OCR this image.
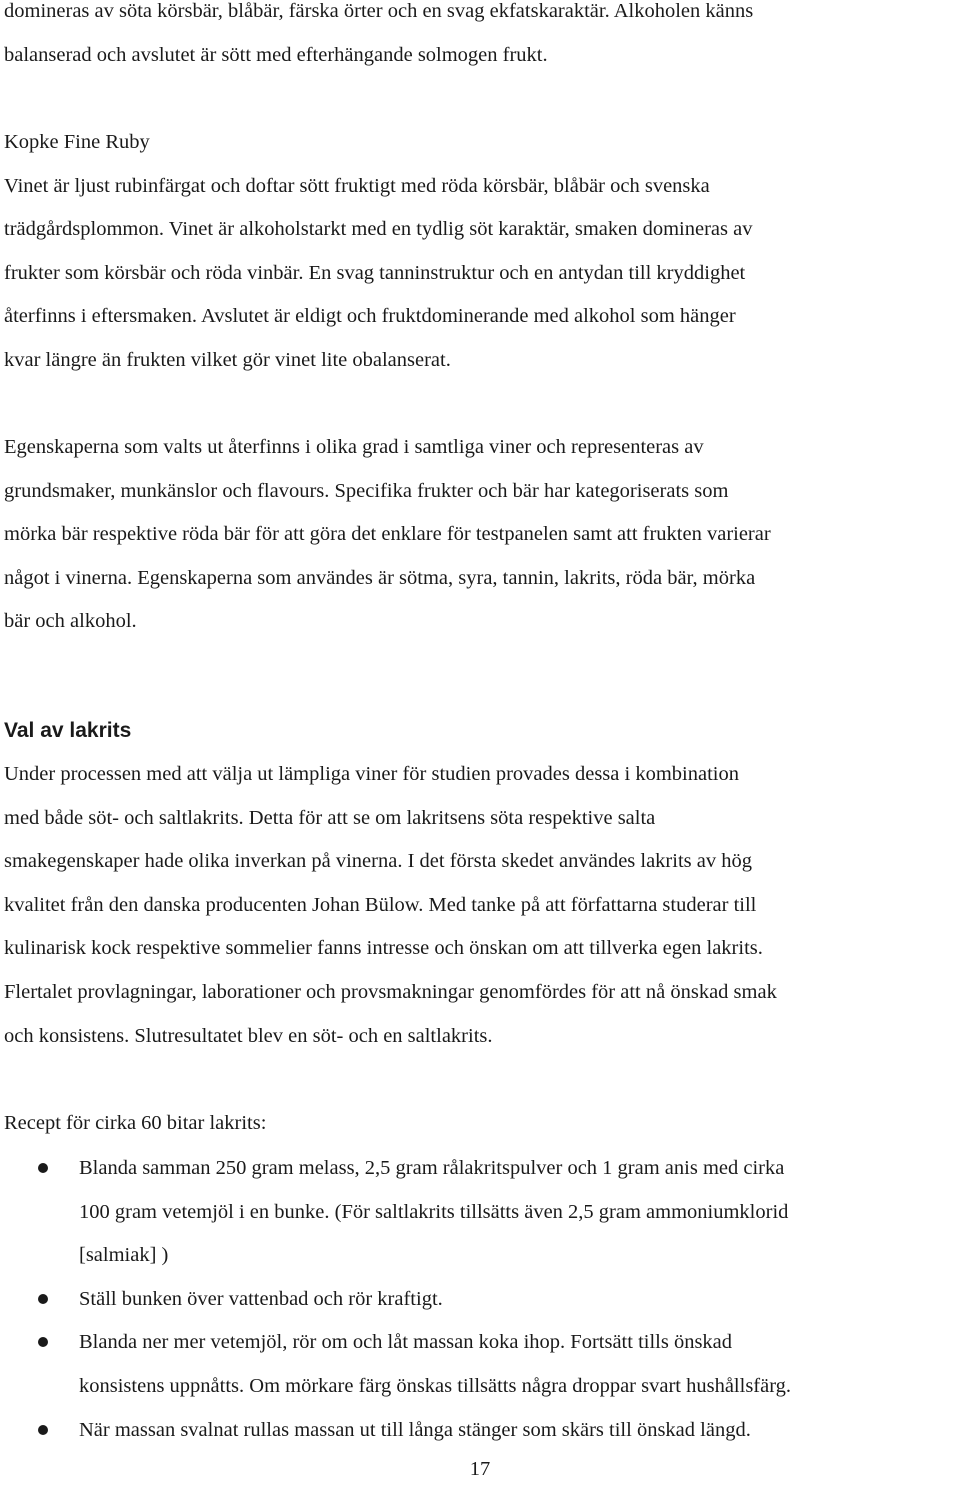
domineras av söta körsbär, blåbär, färska örter och en svag ekfatskaraktär. Alkoholen känns
balanserad och avslutet är sött med efterhängande solmogen frukt.

Kopke Fine Ruby
Vinet är ljust rubinfärgat och doftar sött fruktigt med röda körsbär, blåbär och svenska
trädgårdsplommon. Vinet är alkoholstarkt med en tydlig söt karaktär, smaken domineras av
frukter som körsbär och röda vinbär. En svag tanninstruktur och en antydan till kryddighet
återfinns i eftersmaken. Avslutet är eldigt och fruktdominerande med alkohol som hänger
kvar längre än frukten vilket gör vinet lite obalanserat.

Egenskaperna som valts ut återfinns i olika grad i samtliga viner och representeras av
grundsmaker, munkänslor och flavours. Specifika frukter och bär har kategoriserats som
mörka bär respektive röda bär för att göra det enklare för testpanelen samt att frukten varierar
något i vinerna. Egenskaperna som användes är sötma, syra, tannin, lakrits, röda bär, mörka
bär och alkohol.

Val av lakrits

Under processen med att välja ut lämpliga viner för studien provades dessa i kombination
med både söt- och saltlakrits. Detta för att se om lakritsens söta respektive salta
smakegenskaper hade olika inverkan på vinerna. I det första skedet användes lakrits av hög
kvalitet från den danska producenten Johan Bülow. Med tanke på att författarna studerar till
kulinarisk kock respektive sommelier fanns intresse och önskan om att tillverka egen lakrits.
Flertalet provlagningar, laborationer och provsmakningar genomfördes för att nå önskad smak
och konsistens. Slutresultatet blev en söt- och en saltlakrits.

Recept för cirka 60 bitar lakrits:

Blanda samman 250 gram melass, 2,5 gram rålakritspulver och 1 gram anis med cirka
100 gram vetemjöl i en bunke. (För saltlakrits tillsätts även 2,5 gram ammoniumklorid
[salmiak] )
Ställ bunken över vattenbad och rör kraftigt.
Blanda ner mer vetemjöl, rör om och låt massan koka ihop. Fortsätt tills önskad
konsistens uppnåtts. Om mörkare färg önskas tillsätts några droppar svart hushållsfärg.
När massan svalnat rullas massan ut till långa stänger som skärs till önskad längd.
17
